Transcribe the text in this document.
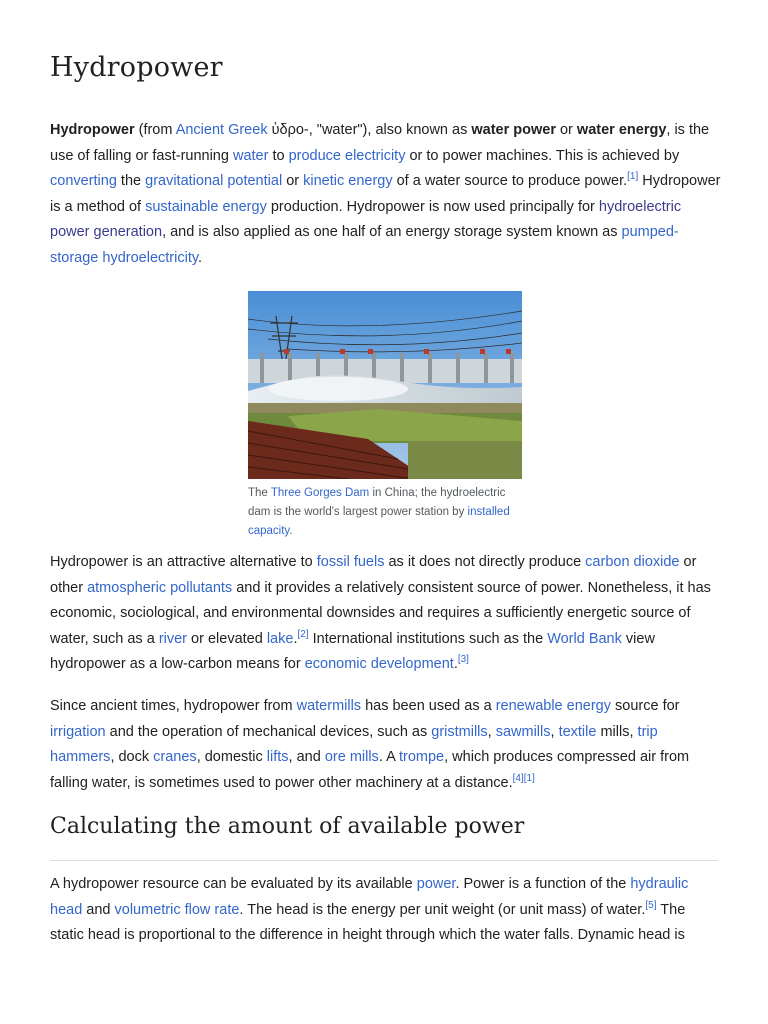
Hydropower

Hydropower (from Ancient Greek ὑδρο-, "water"), also known as water power or water energy, is the use of falling or fast-running water to produce electricity or to power machines. This is achieved by converting the gravitational potential or kinetic energy of a water source to produce power.[1] Hydropower is a method of sustainable energy production. Hydropower is now used principally for hydroelectric power generation, and is also applied as one half of an energy storage system known as pumped-storage hydroelectricity.

The Three Gorges Dam in China; the hydroelectric dam is the world's largest power station by installed capacity.

Hydropower is an attractive alternative to fossil fuels as it does not directly produce carbon dioxide or other atmospheric pollutants and it provides a relatively consistent source of power. Nonetheless, it has economic, sociological, and environmental downsides and requires a sufficiently energetic source of water, such as a river or elevated lake.[2] International institutions such as the World Bank view hydropower as a low-carbon means for economic development.[3]

Since ancient times, hydropower from watermills has been used as a renewable energy source for irrigation and the operation of mechanical devices, such as gristmills, sawmills, textile mills, trip hammers, dock cranes, domestic lifts, and ore mills. A trompe, which produces compressed air from falling water, is sometimes used to power other machinery at a distance.[4][1]

Calculating the amount of available power

A hydropower resource can be evaluated by its available power. Power is a function of the hydraulic head and volumetric flow rate. The head is the energy per unit weight (or unit mass) of water.[5] The static head is proportional to the difference in height through which the water falls. Dynamic head is
